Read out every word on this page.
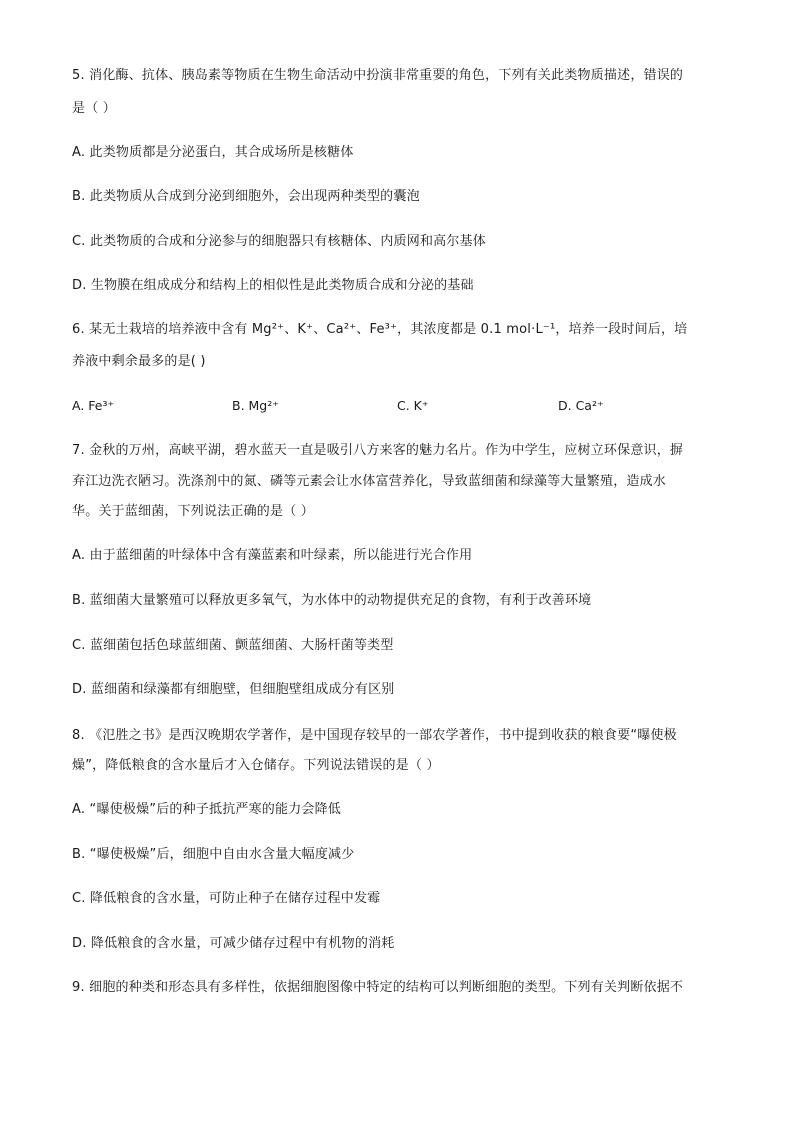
5. 消化酶、抗体、胰岛素等物质在生物生命活动中扮演非常重要的角色，下列有关此类物质描述，错误的
是（ ）
A. 此类物质都是分泌蛋白，其合成场所是核糖体
B. 此类物质从合成到分泌到细胞外，会出现两种类型的囊泡
C. 此类物质的合成和分泌参与的细胞器只有核糖体、内质网和高尔基体
D. 生物膜在组成成分和结构上的相似性是此类物质合成和分泌的基础
6. 某无土栽培的培养液中含有 Mg²⁺、K⁺、Ca²⁺、Fe³⁺，其浓度都是 0.1 mol·L⁻¹，培养一段时间后，培
养液中剩余最多的是( )
A. Fe³⁺	B. Mg²⁺	C. K⁺	D. Ca²⁺
7. 金秋的万州，高峡平湖，碧水蓝天一直是吸引八方来客的魅力名片。作为中学生，应树立环保意识，摒
弃江边洗衣陋习。洗涤剂中的氮、磷等元素会让水体富营养化，导致蓝细菌和绿藻等大量繁殖，造成水
华。关于蓝细菌，下列说法正确的是（ ）
A. 由于蓝细菌的叶绿体中含有藻蓝素和叶绿素，所以能进行光合作用
B. 蓝细菌大量繁殖可以释放更多氧气，为水体中的动物提供充足的食物，有利于改善环境
C. 蓝细菌包括色球蓝细菌、颤蓝细菌、大肠杆菌等类型
D. 蓝细菌和绿藻都有细胞壁，但细胞壁组成成分有区别
8. 《氾胜之书》是西汉晚期农学著作，是中国现存较早的一部农学著作，书中提到收获的粮食要“曝使极
燥”，降低粮食的含水量后才入仓储存。下列说法错误的是（ ）
A. “曝使极燥”后的种子抵抗严寒的能力会降低
B. “曝使极燥”后，细胞中自由水含量大幅度减少
C. 降低粮食的含水量，可防止种子在储存过程中发霉
D. 降低粮食的含水量，可减少储存过程中有机物的消耗
9. 细胞的种类和形态具有多样性，依据细胞图像中特定的结构可以判断细胞的类型。下列有关判断依据不
